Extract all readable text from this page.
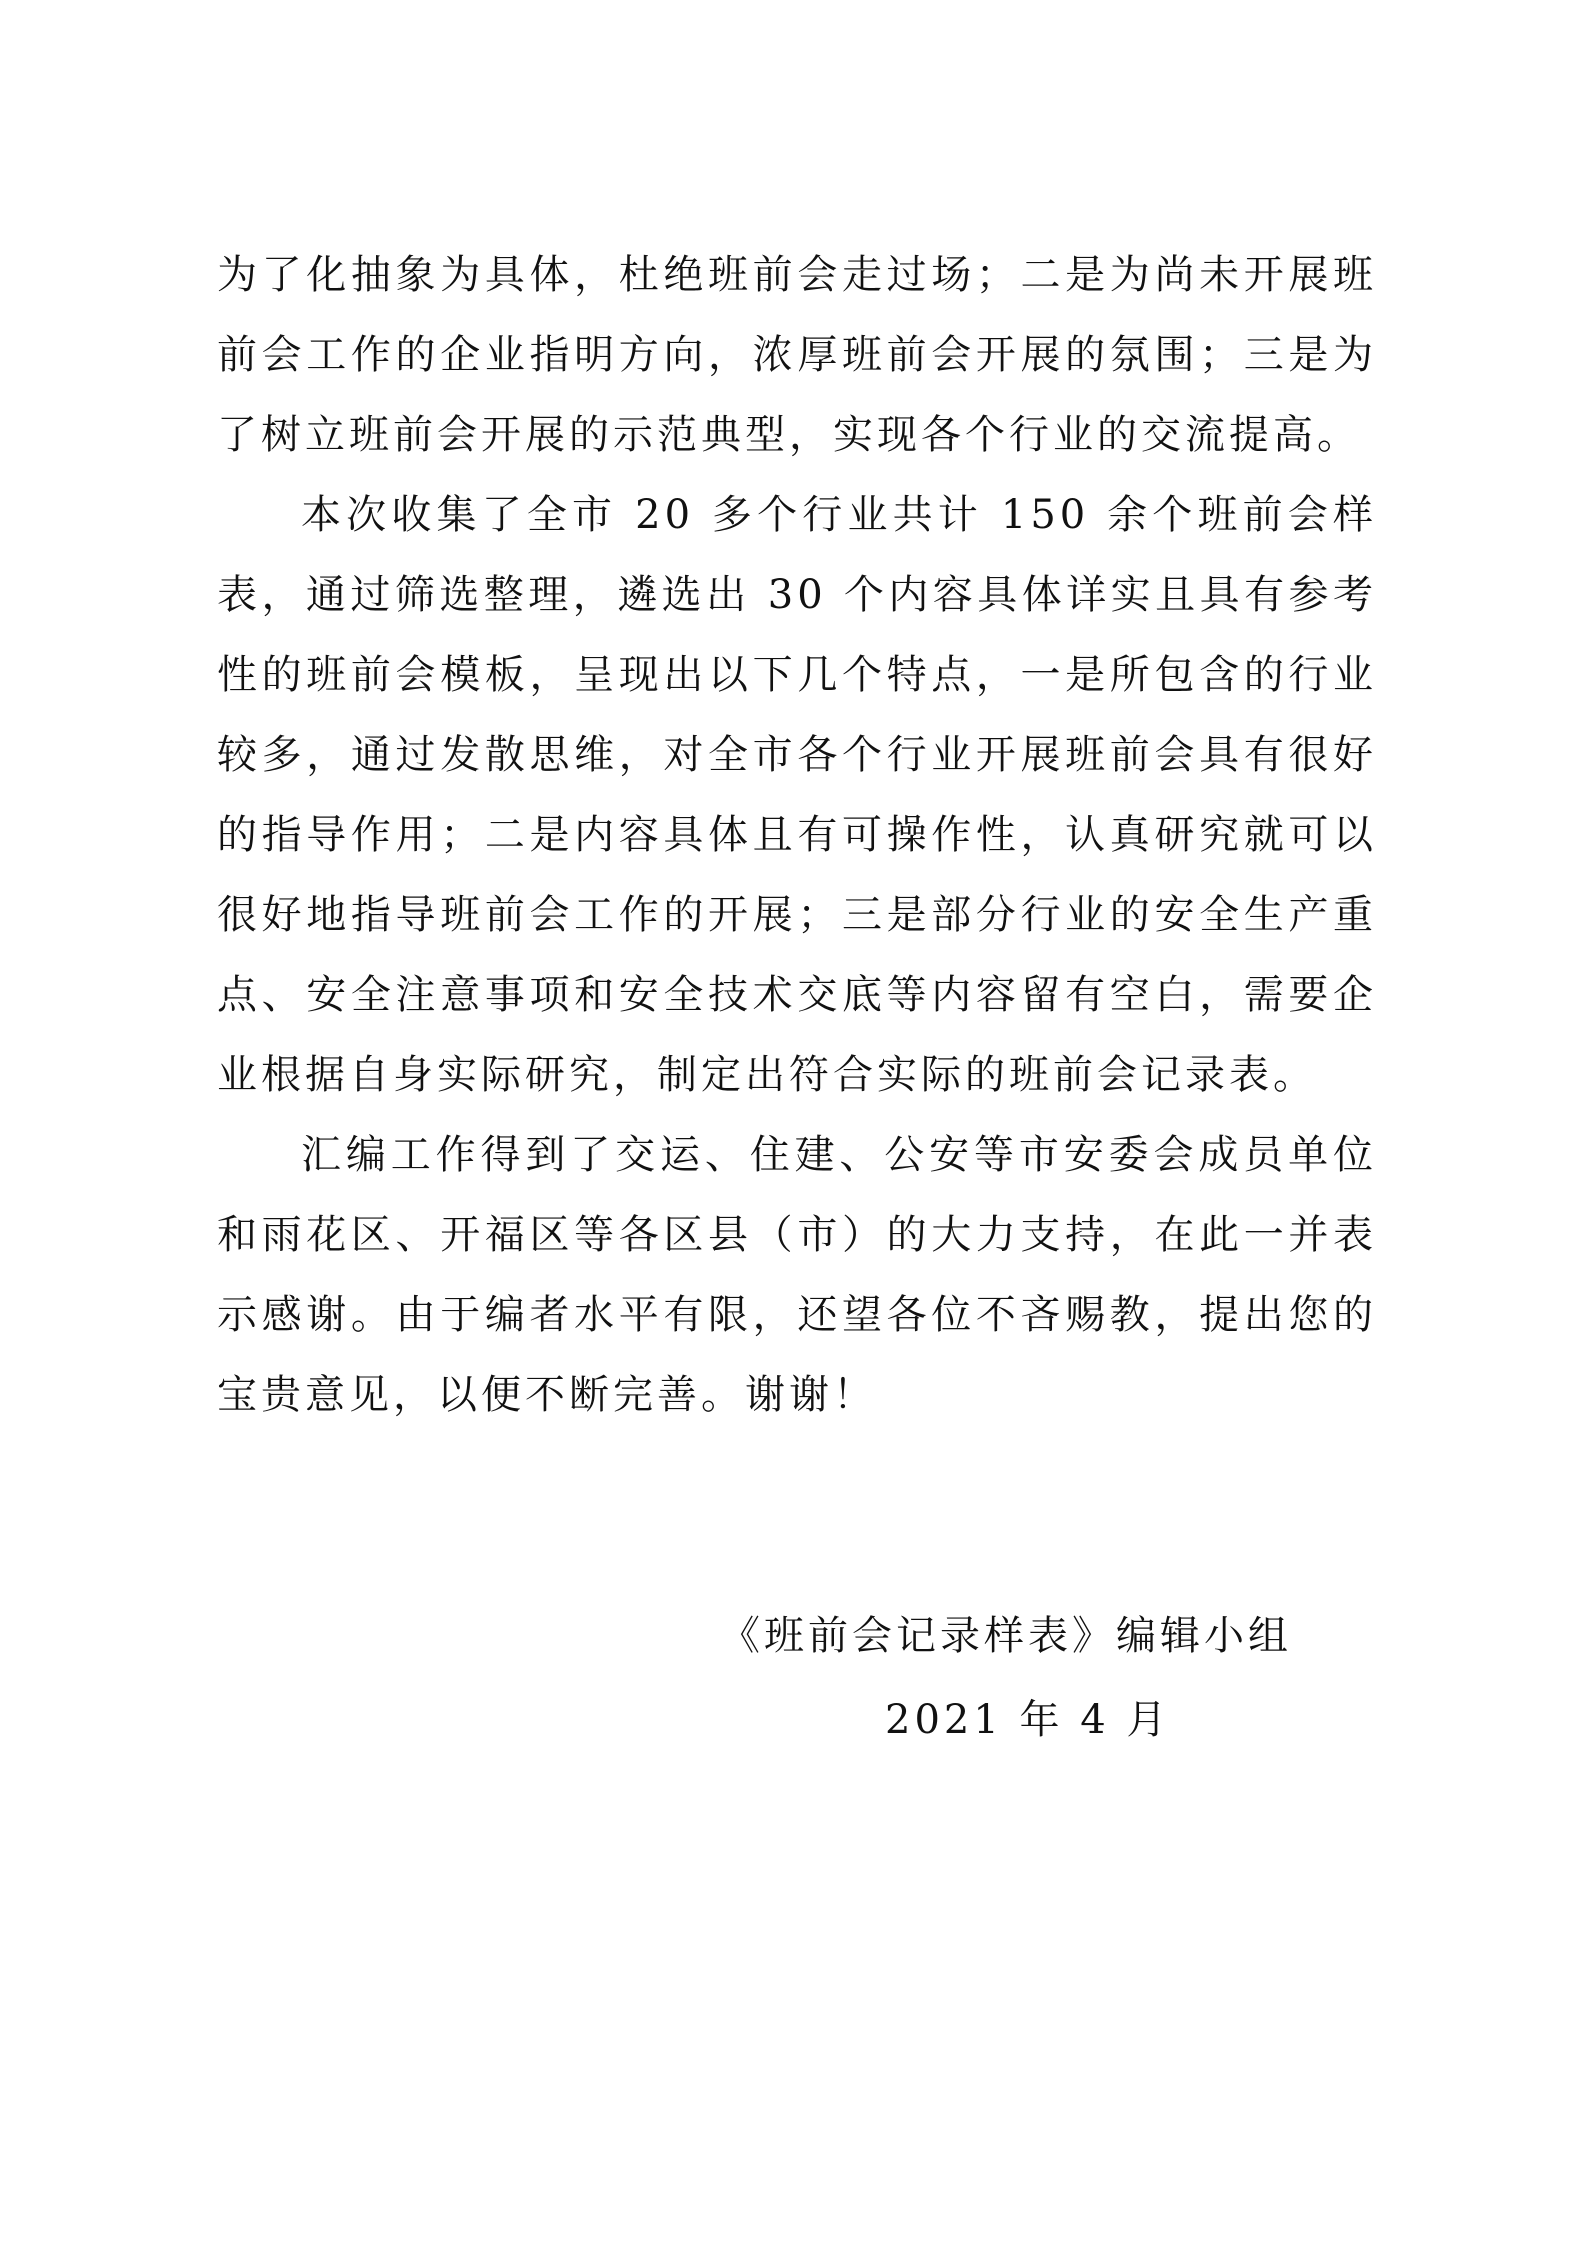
为了化抽象为具体，杜绝班前会走过场；二是为尚未开展班前会工作的企业指明方向，浓厚班前会开展的氛围；三是为了树立班前会开展的示范典型，实现各个行业的交流提高。

本次收集了全市 20 多个行业共计 150 余个班前会样表，通过筛选整理，遴选出 30 个内容具体详实且具有参考性的班前会模板，呈现出以下几个特点，一是所包含的行业较多，通过发散思维，对全市各个行业开展班前会具有很好的指导作用；二是内容具体且有可操作性，认真研究就可以很好地指导班前会工作的开展；三是部分行业的安全生产重点、安全注意事项和安全技术交底等内容留有空白，需要企业根据自身实际研究，制定出符合实际的班前会记录表。

汇编工作得到了交运、住建、公安等市安委会成员单位和雨花区、开福区等各区县（市）的大力支持，在此一并表示感谢。由于编者水平有限，还望各位不吝赐教，提出您的宝贵意见，以便不断完善。谢谢！

《班前会记录样表》编辑小组
2021 年 4 月
